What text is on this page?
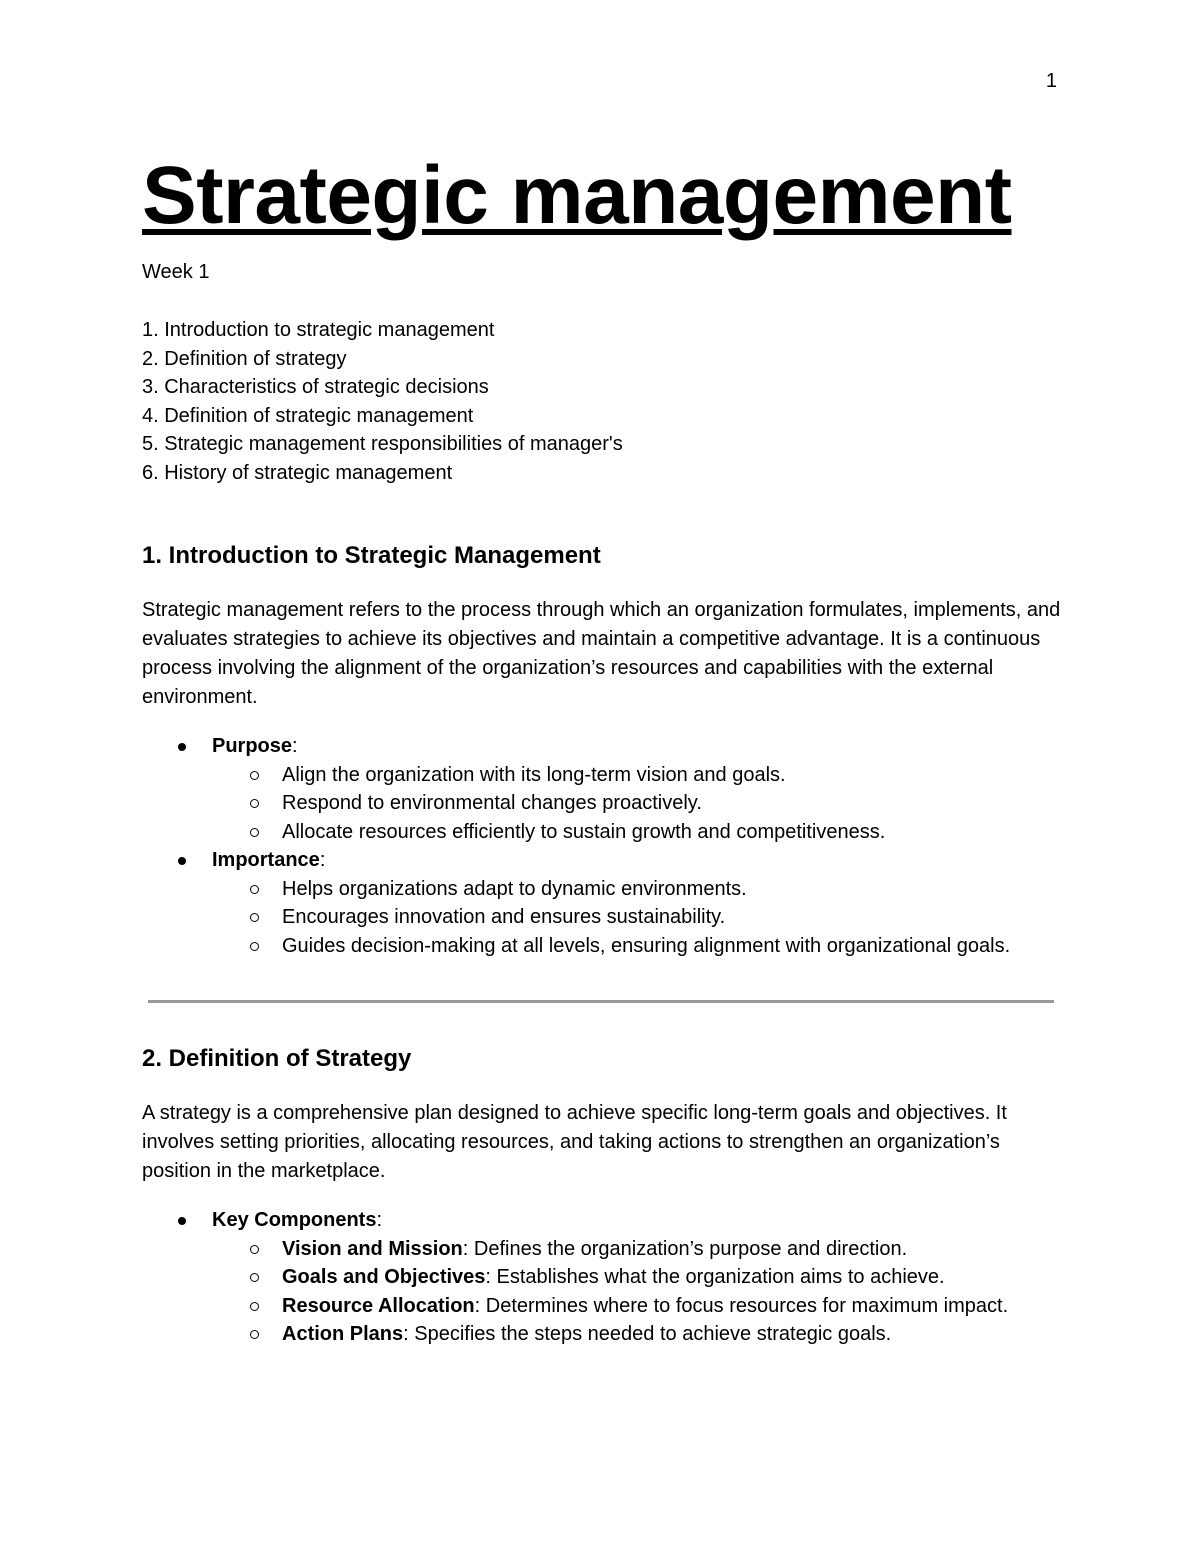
1
Strategic management
Week 1
1. Introduction to strategic management
2. Definition of strategy
3. Characteristics of strategic decisions
4. Definition of strategic management
5. Strategic management responsibilities of manager's
6. History of strategic management
1. Introduction to Strategic Management

Strategic management refers to the process through which an organization formulates, implements, and evaluates strategies to achieve its objectives and maintain a competitive advantage. It is a continuous process involving the alignment of the organization’s resources and capabilities with the external environment.

Purpose:
Align the organization with its long-term vision and goals.
Respond to environmental changes proactively.
Allocate resources efficiently to sustain growth and competitiveness.
Importance:
Helps organizations adapt to dynamic environments.
Encourages innovation and ensures sustainability.
Guides decision-making at all levels, ensuring alignment with organizational goals.
2. Definition of Strategy

A strategy is a comprehensive plan designed to achieve specific long-term goals and objectives. It involves setting priorities, allocating resources, and taking actions to strengthen an organization’s position in the marketplace.

Key Components:
Vision and Mission: Defines the organization’s purpose and direction.
Goals and Objectives: Establishes what the organization aims to achieve.
Resource Allocation: Determines where to focus resources for maximum impact.
Action Plans: Specifies the steps needed to achieve strategic goals.
